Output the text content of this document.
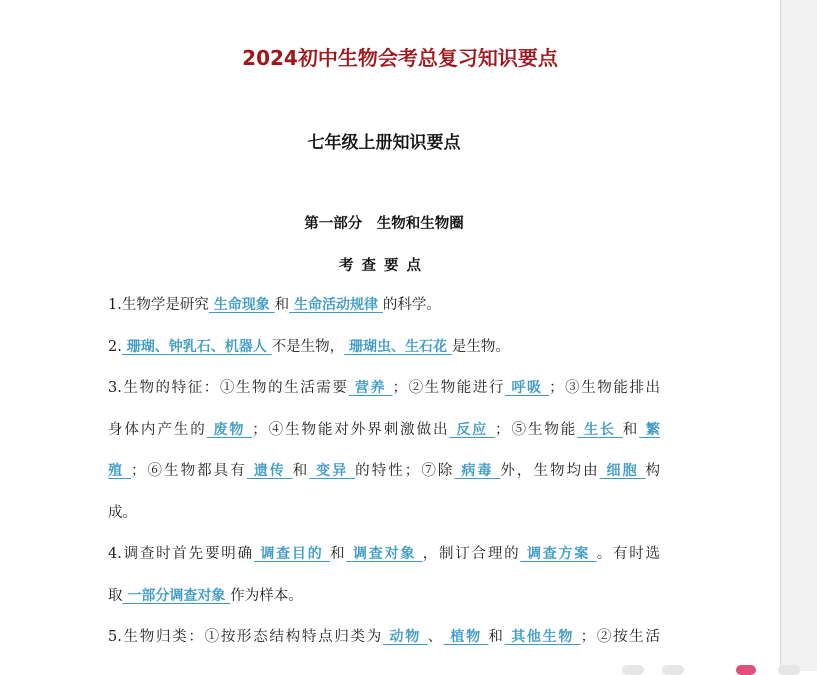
2024初中生物会考总复习知识要点
七年级上册知识要点
第一部分　生物和生物圈
考查要点
1.生物学是研究 生命现象 和 生命活动规律 的科学。
2. 珊瑚、钟乳石、机器人 不是生物， 珊瑚虫、生石花 是生物。
3.生物的特征：①生物的生活需要 营养 ；②生物能进行 呼吸 ；③生物能排出
身体内产生的 废物 ；④生物能对外界刺激做出 反应 ；⑤生物能 生长 和 繁
殖 ；⑥生物都具有 遗传 和 变异 的特性；⑦除 病毒 外，生物均由 细胞 构
成。
4.调查时首先要明确 调查目的 和 调查对象 ，制订合理的 调查方案 。有时选
取 一部分调查对象 作为样本。
5.生物归类：①按形态结构特点归类为 动物 、 植物 和 其他生物 ；②按生活
